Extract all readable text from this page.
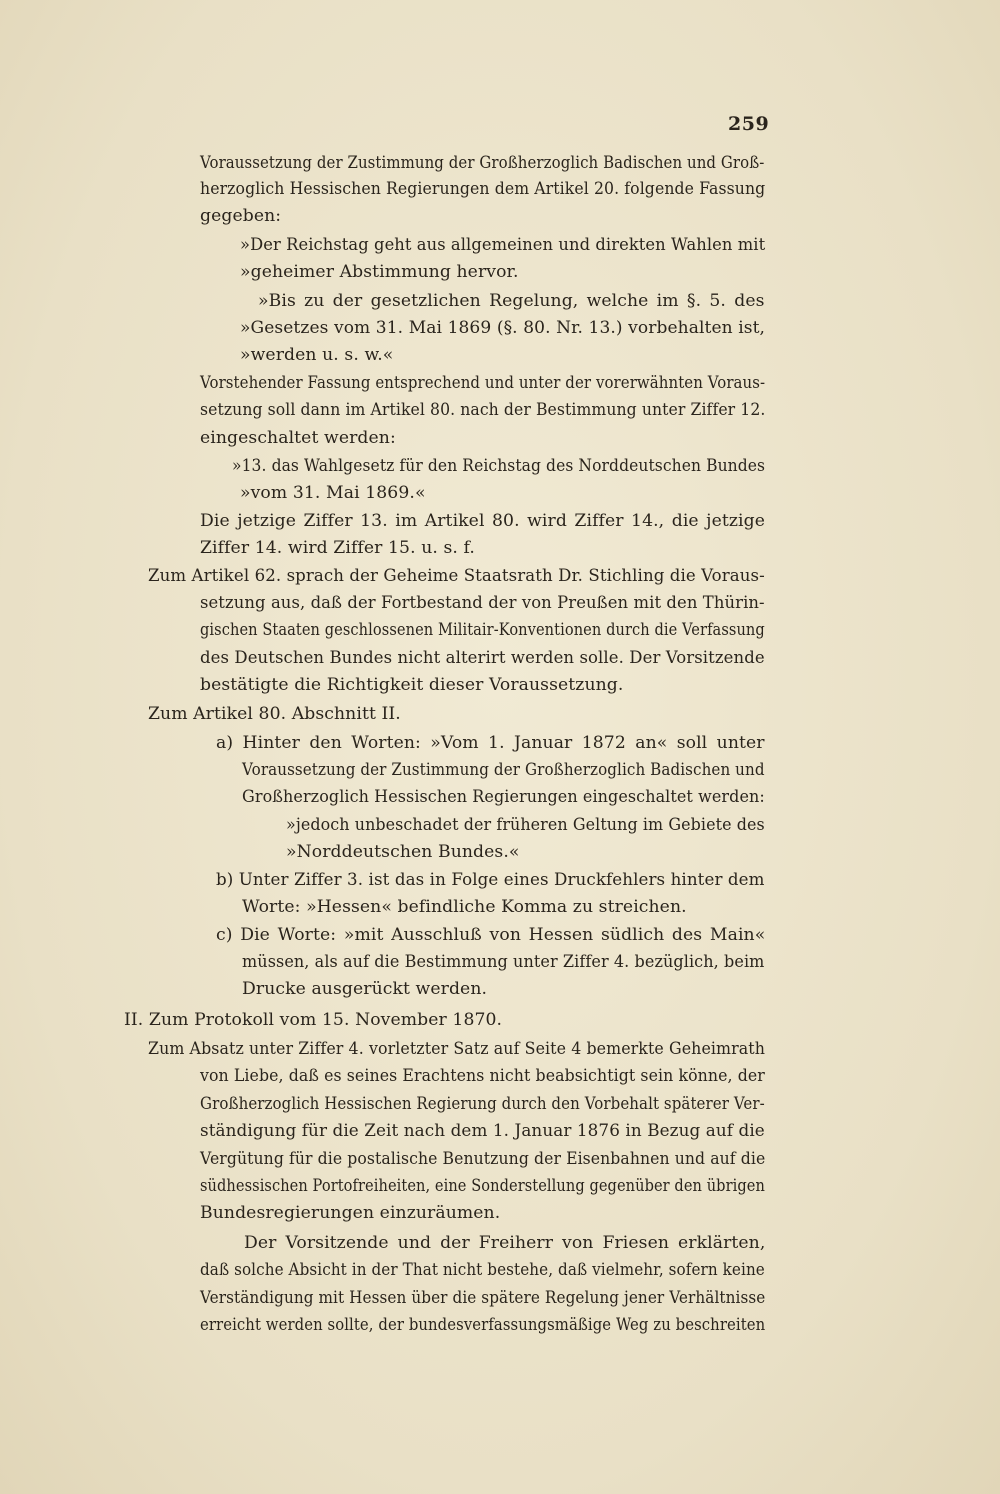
259
Voraussetzung der Zustimmung der Großherzoglich Badischen und Groß-
herzoglich Hessischen Regierungen dem Artikel 20. folgende Fassung
gegeben:
»Der Reichstag geht aus allgemeinen und direkten Wahlen mit
»geheimer Abstimmung hervor.
»Bis zu der gesetzlichen Regelung, welche im §. 5. des
»Gesetzes vom 31. Mai 1869 (§. 80. Nr. 13.) vorbehalten ist,
»werden u. s. w.«
Vorstehender Fassung entsprechend und unter der vorerwähnten Voraus-
setzung soll dann im Artikel 80. nach der Bestimmung unter Ziffer 12.
eingeschaltet werden:
»13. das Wahlgesetz für den Reichstag des Norddeutschen Bundes
»vom 31. Mai 1869.«
Die jetzige Ziffer 13. im Artikel 80. wird Ziffer 14., die jetzige
Ziffer 14. wird Ziffer 15. u. s. f.
Zum Artikel 62. sprach der Geheime Staatsrath Dr. Stichling die Voraus-
setzung aus, daß der Fortbestand der von Preußen mit den Thürin-
gischen Staaten geschlossenen Militair-Konventionen durch die Verfassung
des Deutschen Bundes nicht alterirt werden solle. Der Vorsitzende
bestätigte die Richtigkeit dieser Voraussetzung.
Zum Artikel 80. Abschnitt II.
a) Hinter den Worten: »Vom 1. Januar 1872 an« soll unter
Voraussetzung der Zustimmung der Großherzoglich Badischen und
Großherzoglich Hessischen Regierungen eingeschaltet werden:
»jedoch unbeschadet der früheren Geltung im Gebiete des
»Norddeutschen Bundes.«
b) Unter Ziffer 3. ist das in Folge eines Druckfehlers hinter dem
Worte: »Hessen« befindliche Komma zu streichen.
c) Die Worte: »mit Ausschluß von Hessen südlich des Main«
müssen, als auf die Bestimmung unter Ziffer 4. bezüglich, beim
Drucke ausgerückt werden.
II. Zum Protokoll vom 15. November 1870.
Zum Absatz unter Ziffer 4. vorletzter Satz auf Seite 4 bemerkte Geheimrath
von Liebe, daß es seines Erachtens nicht beabsichtigt sein könne, der
Großherzoglich Hessischen Regierung durch den Vorbehalt späterer Ver-
ständigung für die Zeit nach dem 1. Januar 1876 in Bezug auf die
Vergütung für die postalische Benutzung der Eisenbahnen und auf die
südhessischen Portofreiheiten, eine Sonderstellung gegenüber den übrigen
Bundesregierungen einzuräumen.
Der Vorsitzende und der Freiherr von Friesen erklärten,
daß solche Absicht in der That nicht bestehe, daß vielmehr, sofern keine
Verständigung mit Hessen über die spätere Regelung jener Verhältnisse
erreicht werden sollte, der bundesverfassungsmäßige Weg zu beschreiten
